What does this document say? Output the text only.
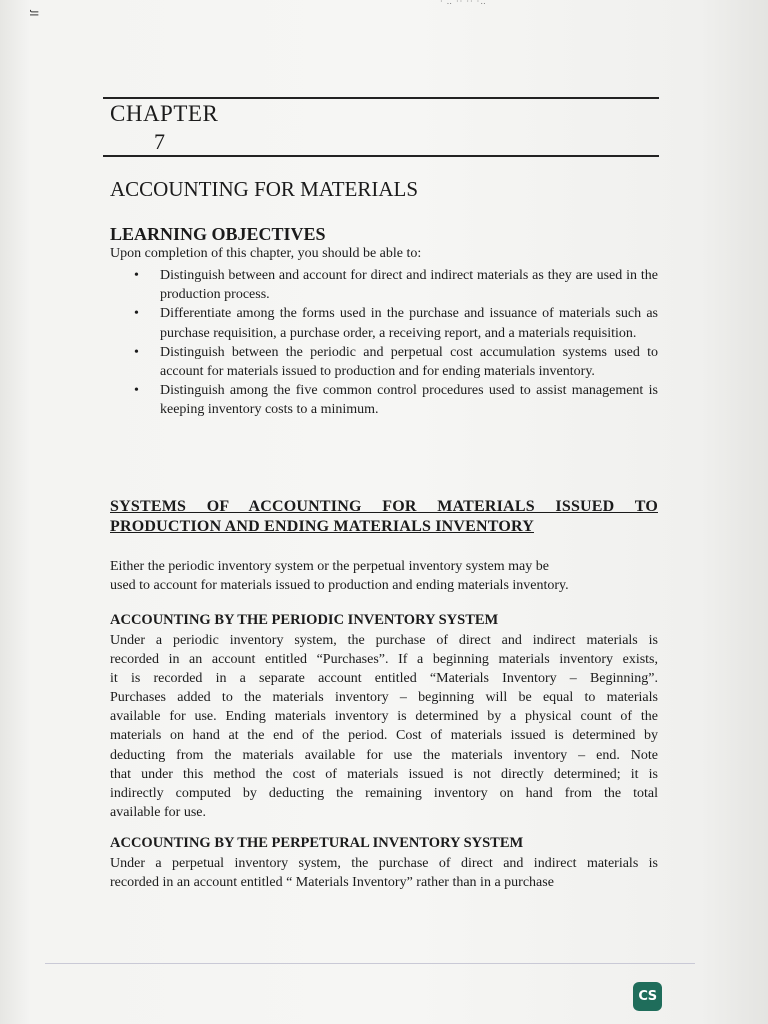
ﺍﻟ
· ‥ ·· ·· ·‥
CHAPTER
7
ACCOUNTING FOR MATERIALS
LEARNING OBJECTIVES

Upon completion of this chapter, you should be able to:

• Distinguish between and account for direct and indirect materials as they are used in the production process.
• Differentiate among the forms used in the purchase and issuance of materials such as purchase requisition, a purchase order, a receiving report, and a materials requisition.
• Distinguish between the periodic and perpetual cost accumulation systems used to account for materials issued to production and for ending materials inventory.
• Distinguish among the five common control procedures used to assist management is keeping inventory costs to a minimum.
SYSTEMS OF ACCOUNTING FOR MATERIALS ISSUED TO
PRODUCTION AND ENDING MATERIALS INVENTORY

Either the periodic inventory system or the perpetual inventory system may be
used to account for materials issued to production and ending materials inventory.

ACCOUNTING BY THE PERIODIC INVENTORY SYSTEM

Under a periodic inventory system, the purchase of direct and indirect materials is
recorded in an account entitled “Purchases”. If a beginning materials inventory exists,
it is recorded in a separate account entitled “Materials Inventory – Beginning”.
Purchases added to the materials inventory – beginning will be equal to materials
available for use. Ending materials inventory is determined by a physical count of the
materials on hand at the end of the period. Cost of materials issued is determined by
deducting from the materials available for use the materials inventory – end. Note
that under this method the cost of materials issued is not directly determined; it is
indirectly computed by deducting the remaining inventory on hand from the total
available for use.

ACCOUNTING BY THE PERPETURAL INVENTORY SYSTEM

Under a perpetual inventory system, the purchase of direct and indirect materials is
recorded in an account entitled “ Materials Inventory” rather than in a purchase

CS
